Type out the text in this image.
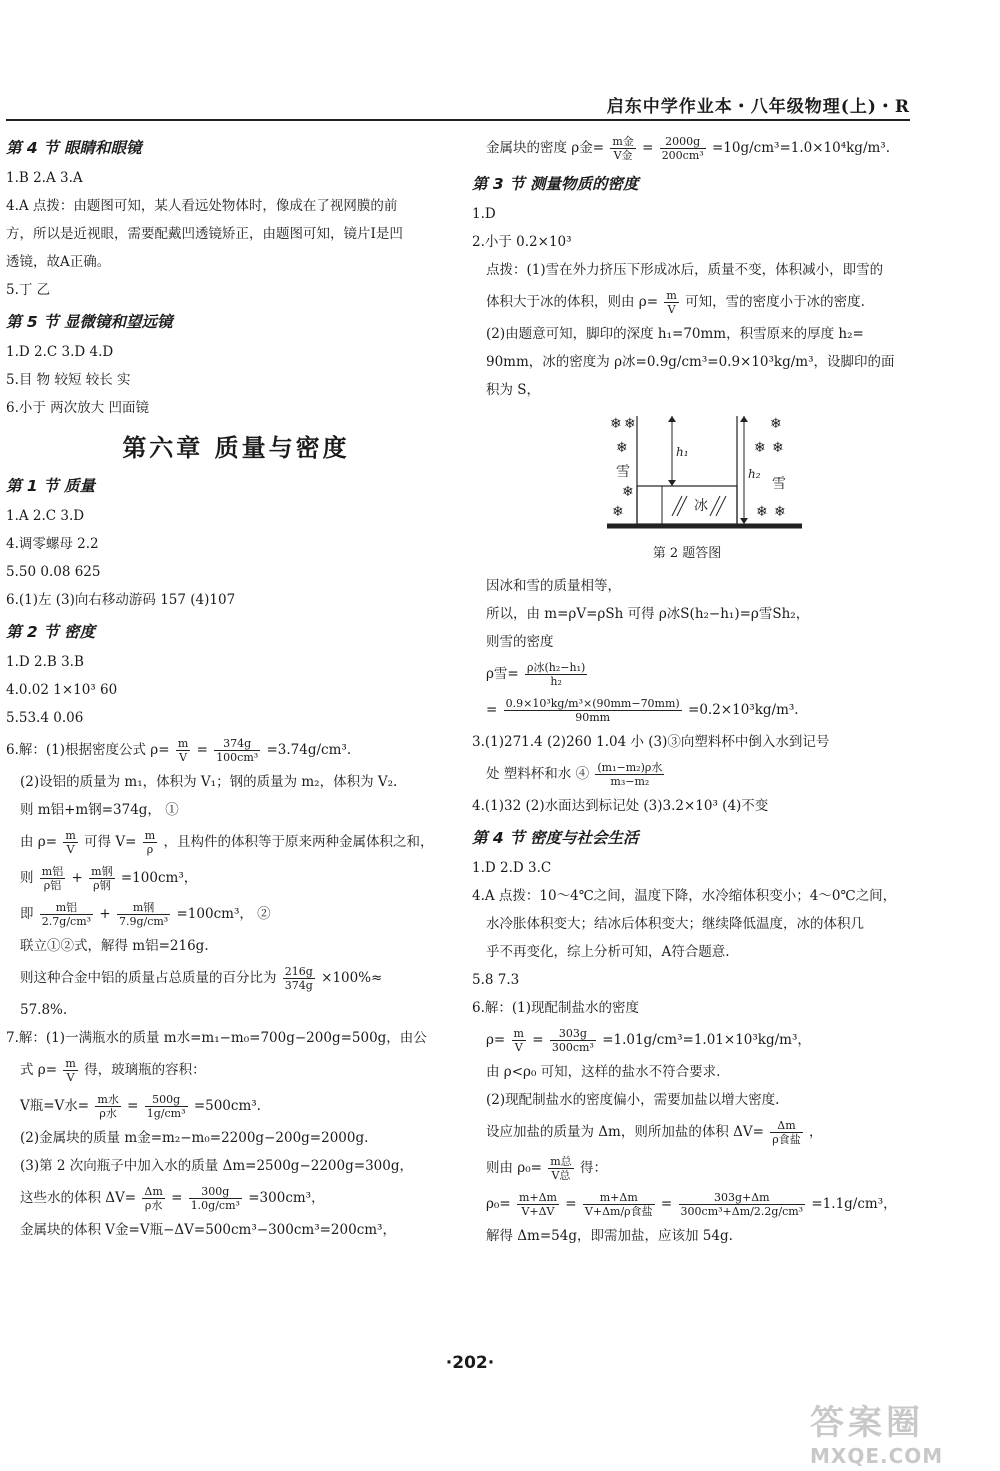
启东中学作业本・八年级物理(上)・R
第 4 节 眼睛和眼镜
1.B 2.A 3.A
4.A 点拨：由题图可知，某人看远处物体时，像成在了视网膜的前
方，所以是近视眼，需要配戴凹透镜矫正，由题图可知，镜片Ⅰ是凹
透镜，故A正确。
5.丁 乙
第 5 节 显微镜和望远镜
1.D 2.C 3.D 4.D
5.目 物 较短 较长 实
6.小于 两次放大 凹面镜
第六章 质量与密度
第 1 节 质量
1.A 2.C 3.D
4.调零螺母 2.2
5.50 0.08 625
6.(1)左 (3)向右移动游码 157 (4)107
第 2 节 密度
1.D 2.B 3.B
4.0.02 1×10³ 60
5.53.4 0.06
6.解：(1)根据密度公式 $\rho= \frac{m}{V} = \frac{374g}{\text{100cm³}} =3.74g/cm^3$.
(2)设铝的质量为 m₁，体积为 V₁；钢的质量为 m₂，体积为 V₂.
则 m铝+m钢=374g， ①
由 $\rho= \frac{m}{V}$ 可得 $V= \frac{m}{\rho}$ ，且构件的体积等于原来两种金属体积之和，
则 $\frac{\text{m铝}}{\text{ρ铝}} + \frac{\text{m钢}}{\text{ρ钢}} =100cm^3$，
即 $\frac{\text{m铝}}{\text{2.7g/cm³}} + \frac{\text{m钢}}{\text{7.9g/cm³}} =100cm^3$， ②
联立①②式，解得 m铝=216g.
则这种合金中铝的质量占总质量的百分比为 $\frac{216g}{374g} \times 100\%\approx$
57.8%.
7.解：(1)一满瓶水的质量 m水=m₁−m₀=700g−200g=500g，由公
式 $\rho= \frac{m}{V}$ 得，玻璃瓶的容积：
V瓶=V水= $\frac{\text{m水}}{\text{ρ水}} = \frac{500g}{\text{1g/cm³}} =500cm^3$.
(2)金属块的质量 m金=m₂−m₀=2200g−200g=2000g.
(3)第 2 次向瓶子中加入水的质量 Δm=2500g−2200g=300g，
这些水的体积 $\Delta V= \frac{\Delta m}{\text{ρ水}} = \frac{300g}{\text{1.0g/cm³}} =300cm^3$，
金属块的体积 V金=V瓶−ΔV=500cm³−300cm³=200cm³，
金属块的密度 ρ金= $\frac{\text{m金}}{\text{V金}} = \frac{2000g}{\text{200cm³}} =10g/cm^3=1.0\times 10^4kg/m^3$.
第 3 节 测量物质的密度
1.D
2.小于 0.2×10³
点拨：(1)雪在外力挤压下形成冰后，质量不变，体积减小，即雪的
体积大于冰的体积，则由 $\rho= \frac{m}{V}$ 可知，雪的密度小于冰的密度.
(2)由题意可知，脚印的深度 h₁=70mm，积雪原来的厚度 h₂=
90mm，冰的密度为 ρ冰=0.9g/cm³=0.9×10³kg/m³，设脚印的面
积为 S，
❄ ❄
❄
❄
❄
❄
❄ ❄
❄ ❄
雪
雪
冰
h₁
h₂
第 2 题答图
因冰和雪的质量相等，
所以，由 m=ρV=ρSh 可得 ρ冰S(h₂−h₁)=ρ雪Sh₂，
则雪的密度
ρ雪= $\frac{\text{ρ冰(h₂−h₁)}}{\text{h₂}}$
= $\frac{\text{0.9×10³kg/m³×(90mm−70mm)}}{90mm} =0.2\times 10^3kg/m^3$.
3.(1)271.4 (2)260 1.04 小 (3)③向塑料杯中倒入水到记号
处 塑料杯和水 ④ $\frac{\text{(m₁−m₂)ρ水}}{\text{m₃−m₂}}$
4.(1)32 (2)水面达到标记处 (3)3.2×10³ (4)不变
第 4 节 密度与社会生活
1.D 2.D 3.C
4.A 点拨：10～4℃之间，温度下降，水冷缩体积变小；4～0℃之间，
水冷胀体积变大；结冰后体积变大；继续降低温度，冰的体积几
乎不再变化，综上分析可知，A符合题意.
5.8 7.3
6.解：(1)现配制盐水的密度
$\rho= \frac{m}{V} = \frac{303g}{\text{300cm³}} =1.01g/cm^3=1.01\times 10^3kg/m^3$，
由 ρ<ρ₀ 可知，这样的盐水不符合要求.
(2)现配制盐水的密度偏小，需要加盐以增大密度.
设应加盐的质量为 Δm，则所加盐的体积 $\Delta V= \frac{\Delta m}{\text{ρ食盐}}$ ，
则由 $\rho_0= \frac{\text{m总}}{\text{V总}}$ 得：
$\rho_0= \frac{m+\Delta m}{V+\Delta V} = \frac{m+\Delta m}{\text{V+Δm/ρ食盐}} = \frac{303g+\Delta m}{\text{300cm³+Δm/2.2g/cm³}} =1.1g/cm^3$，
解得 Δm=54g，即需加盐，应该加 54g.
·202·
答案圈
MXQE.COM
